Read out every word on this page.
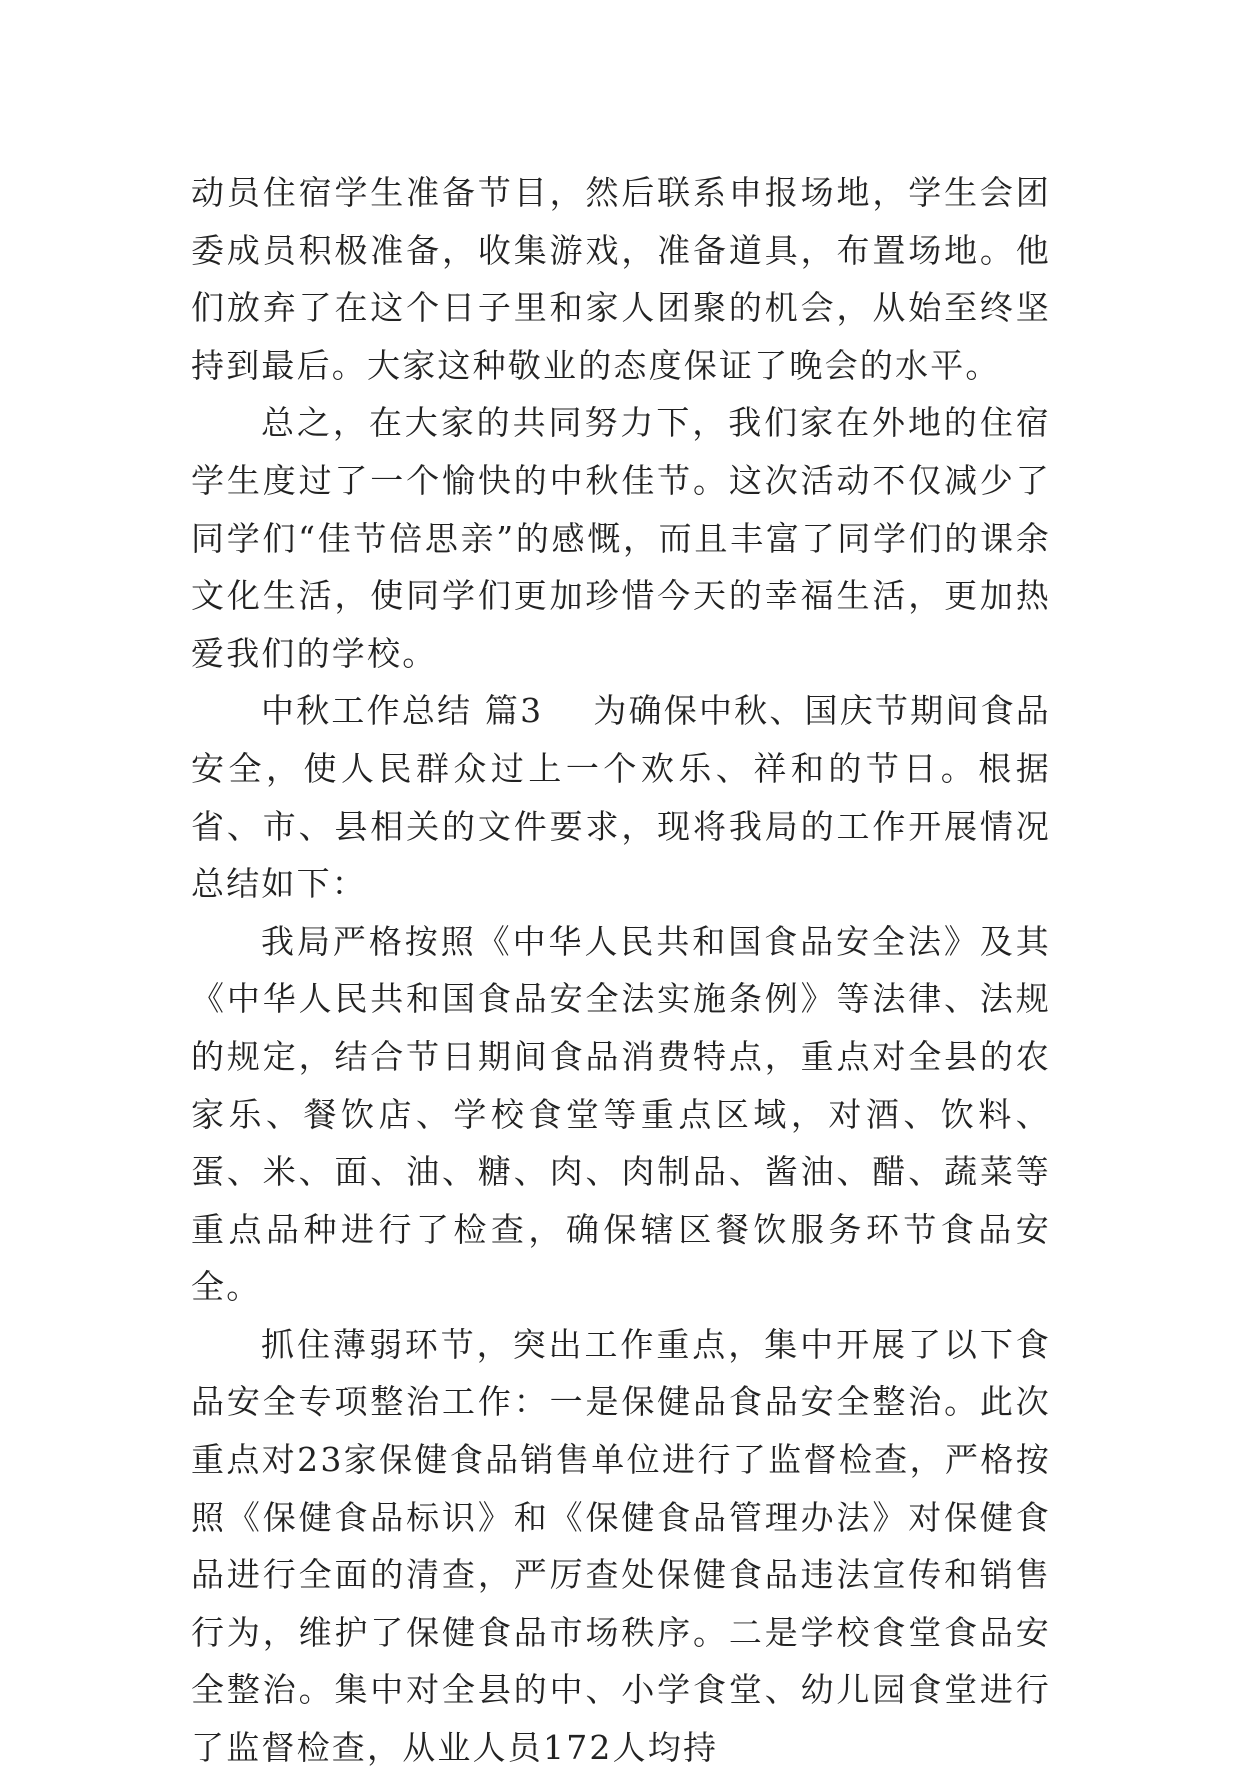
动员住宿学生准备节目，然后联系申报场地，学生会团委成员积极准备，收集游戏，准备道具，布置场地。他们放弃了在这个日子里和家人团聚的机会，从始至终坚持到最后。大家这种敬业的态度保证了晚会的水平。

总之，在大家的共同努力下，我们家在外地的住宿学生度过了一个愉快的中秋佳节。这次活动不仅减少了同学们“佳节倍思亲”的感慨，而且丰富了同学们的课余文化生活，使同学们更加珍惜今天的幸福生活，更加热爱我们的学校。

中秋工作总结 篇3 为确保中秋、国庆节期间食品安全，使人民群众过上一个欢乐、祥和的节日。根据省、市、县相关的文件要求，现将我局的工作开展情况总结如下：

我局严格按照《中华人民共和国食品安全法》及其《中华人民共和国食品安全法实施条例》等法律、法规的规定，结合节日期间食品消费特点，重点对全县的农家乐、餐饮店、学校食堂等重点区域，对酒、饮料、蛋、米、面、油、糖、肉、肉制品、酱油、醋、蔬菜等重点品种进行了检查，确保辖区餐饮服务环节食品安全。

抓住薄弱环节，突出工作重点，集中开展了以下食品安全专项整治工作：一是保健品食品安全整治。此次重点对23家保健食品销售单位进行了监督检查，严格按照《保健食品标识》和《保健食品管理办法》对保健食品进行全面的清查，严厉查处保健食品违法宣传和销售行为，维护了保健食品市场秩序。二是学校食堂食品安全整治。集中对全县的中、小学食堂、幼儿园食堂进行了监督检查，从业人员172人均持
